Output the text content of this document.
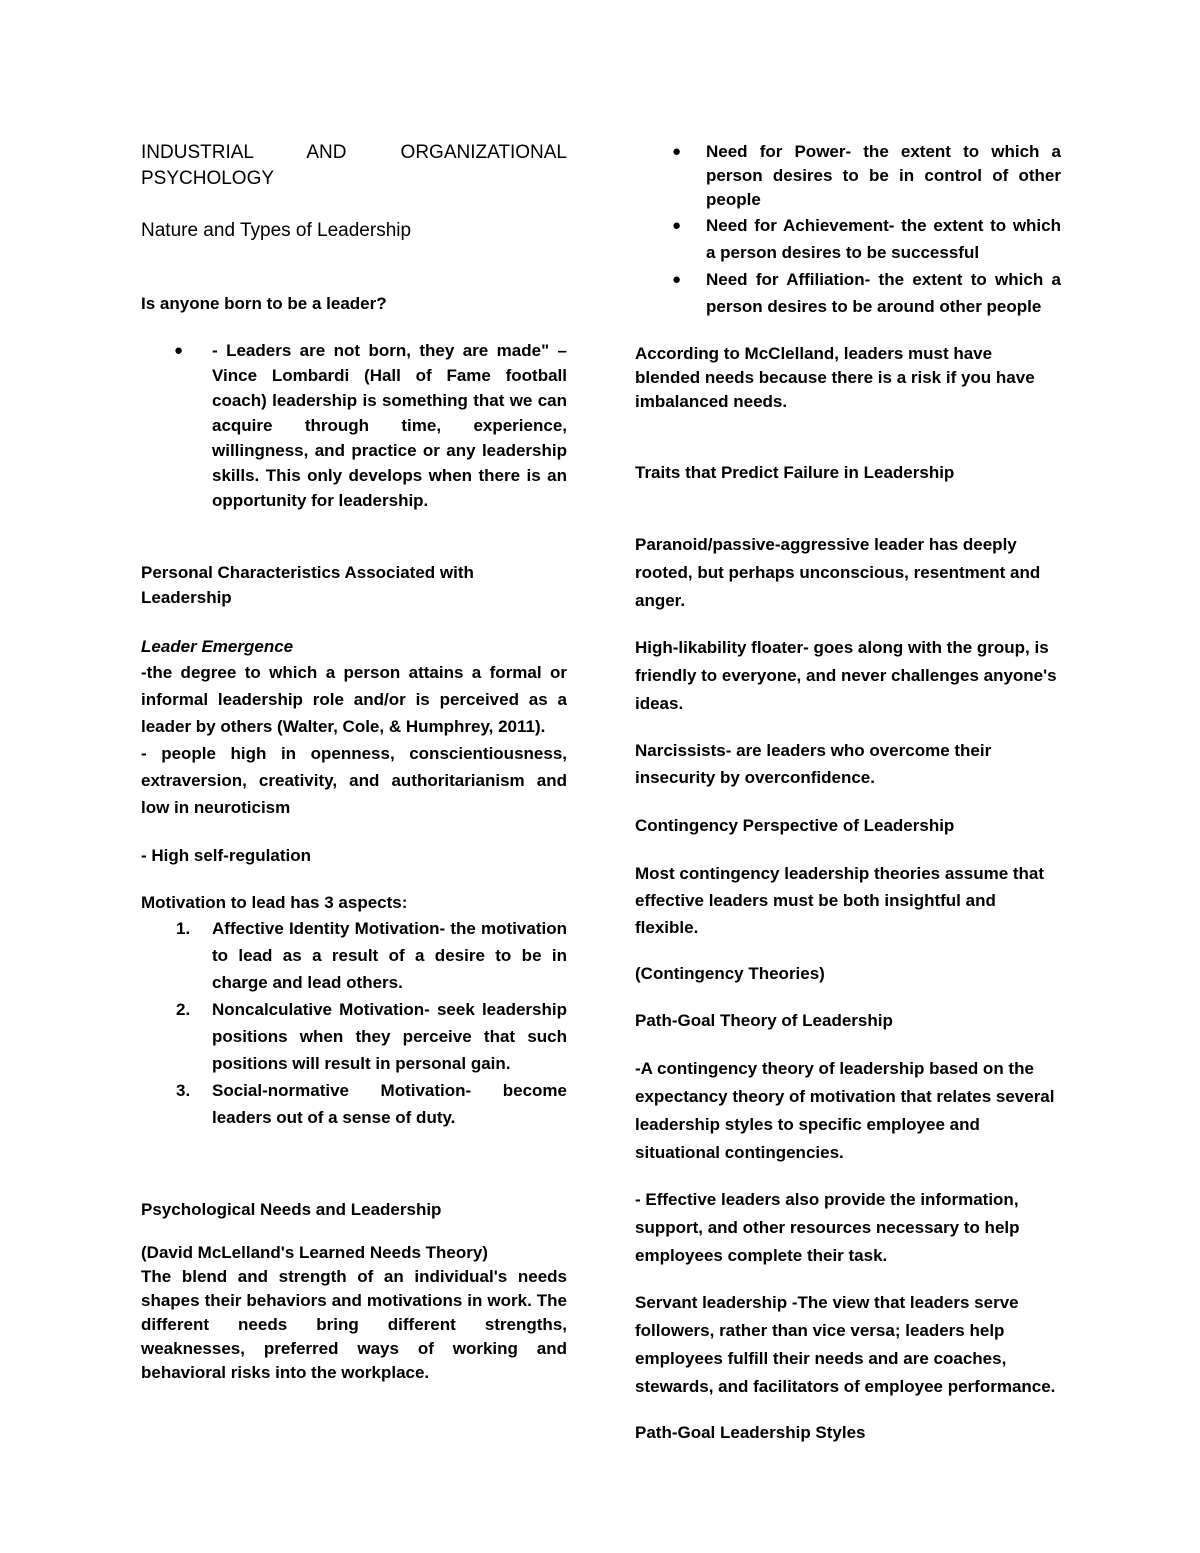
INDUSTRIAL AND ORGANIZATIONAL

PSYCHOLOGY

Nature and Types of Leadership

Is anyone born to be a leader?

● - Leaders are not born, they are made" – Vince Lombardi (Hall of Fame football coach) leadership is something that we can acquire through time, experience, willingness, and practice or any leadership skills. This only develops when there is an opportunity for leadership.

Personal Characteristics Associated with Leadership

Leader Emergence

-the degree to which a person attains a formal or informal leadership role and/or is perceived as a leader by others (Walter, Cole, & Humphrey, 2011).

- people high in openness, conscientiousness, extraversion, creativity, and authoritarianism and low in neuroticism

- High self-regulation

Motivation to lead has 3 aspects:

1. Affective Identity Motivation- the motivation to lead as a result of a desire to be in charge and lead others.

2. Noncalculative Motivation- seek leadership positions when they perceive that such positions will result in personal gain.

3. Social-normative Motivation- become leaders out of a sense of duty.

Psychological Needs and Leadership

(David McLelland's Learned Needs Theory)

The blend and strength of an individual's needs shapes their behaviors and motivations in work. The different needs bring different strengths, weaknesses, preferred ways of working and behavioral risks into the workplace.

● Need for Power- the extent to which a person desires to be in control of other people

● Need for Achievement- the extent to which a person desires to be successful

● Need for Affiliation- the extent to which a person desires to be around other people

According to McClelland, leaders must have blended needs because there is a risk if you have imbalanced needs.

Traits that Predict Failure in Leadership

Paranoid/passive-aggressive leader has deeply rooted, but perhaps unconscious, resentment and anger.

High-likability floater- goes along with the group, is friendly to everyone, and never challenges anyone's ideas.

Narcissists- are leaders who overcome their insecurity by overconfidence.

Contingency Perspective of Leadership

Most contingency leadership theories assume that effective leaders must be both insightful and flexible.

(Contingency Theories)

Path-Goal Theory of Leadership

-A contingency theory of leadership based on the expectancy theory of motivation that relates several leadership styles to specific employee and situational contingencies.

- Effective leaders also provide the information, support, and other resources necessary to help employees complete their task.

Servant leadership -The view that leaders serve followers, rather than vice versa; leaders help employees fulfill their needs and are coaches, stewards, and facilitators of employee performance.

Path-Goal Leadership Styles
